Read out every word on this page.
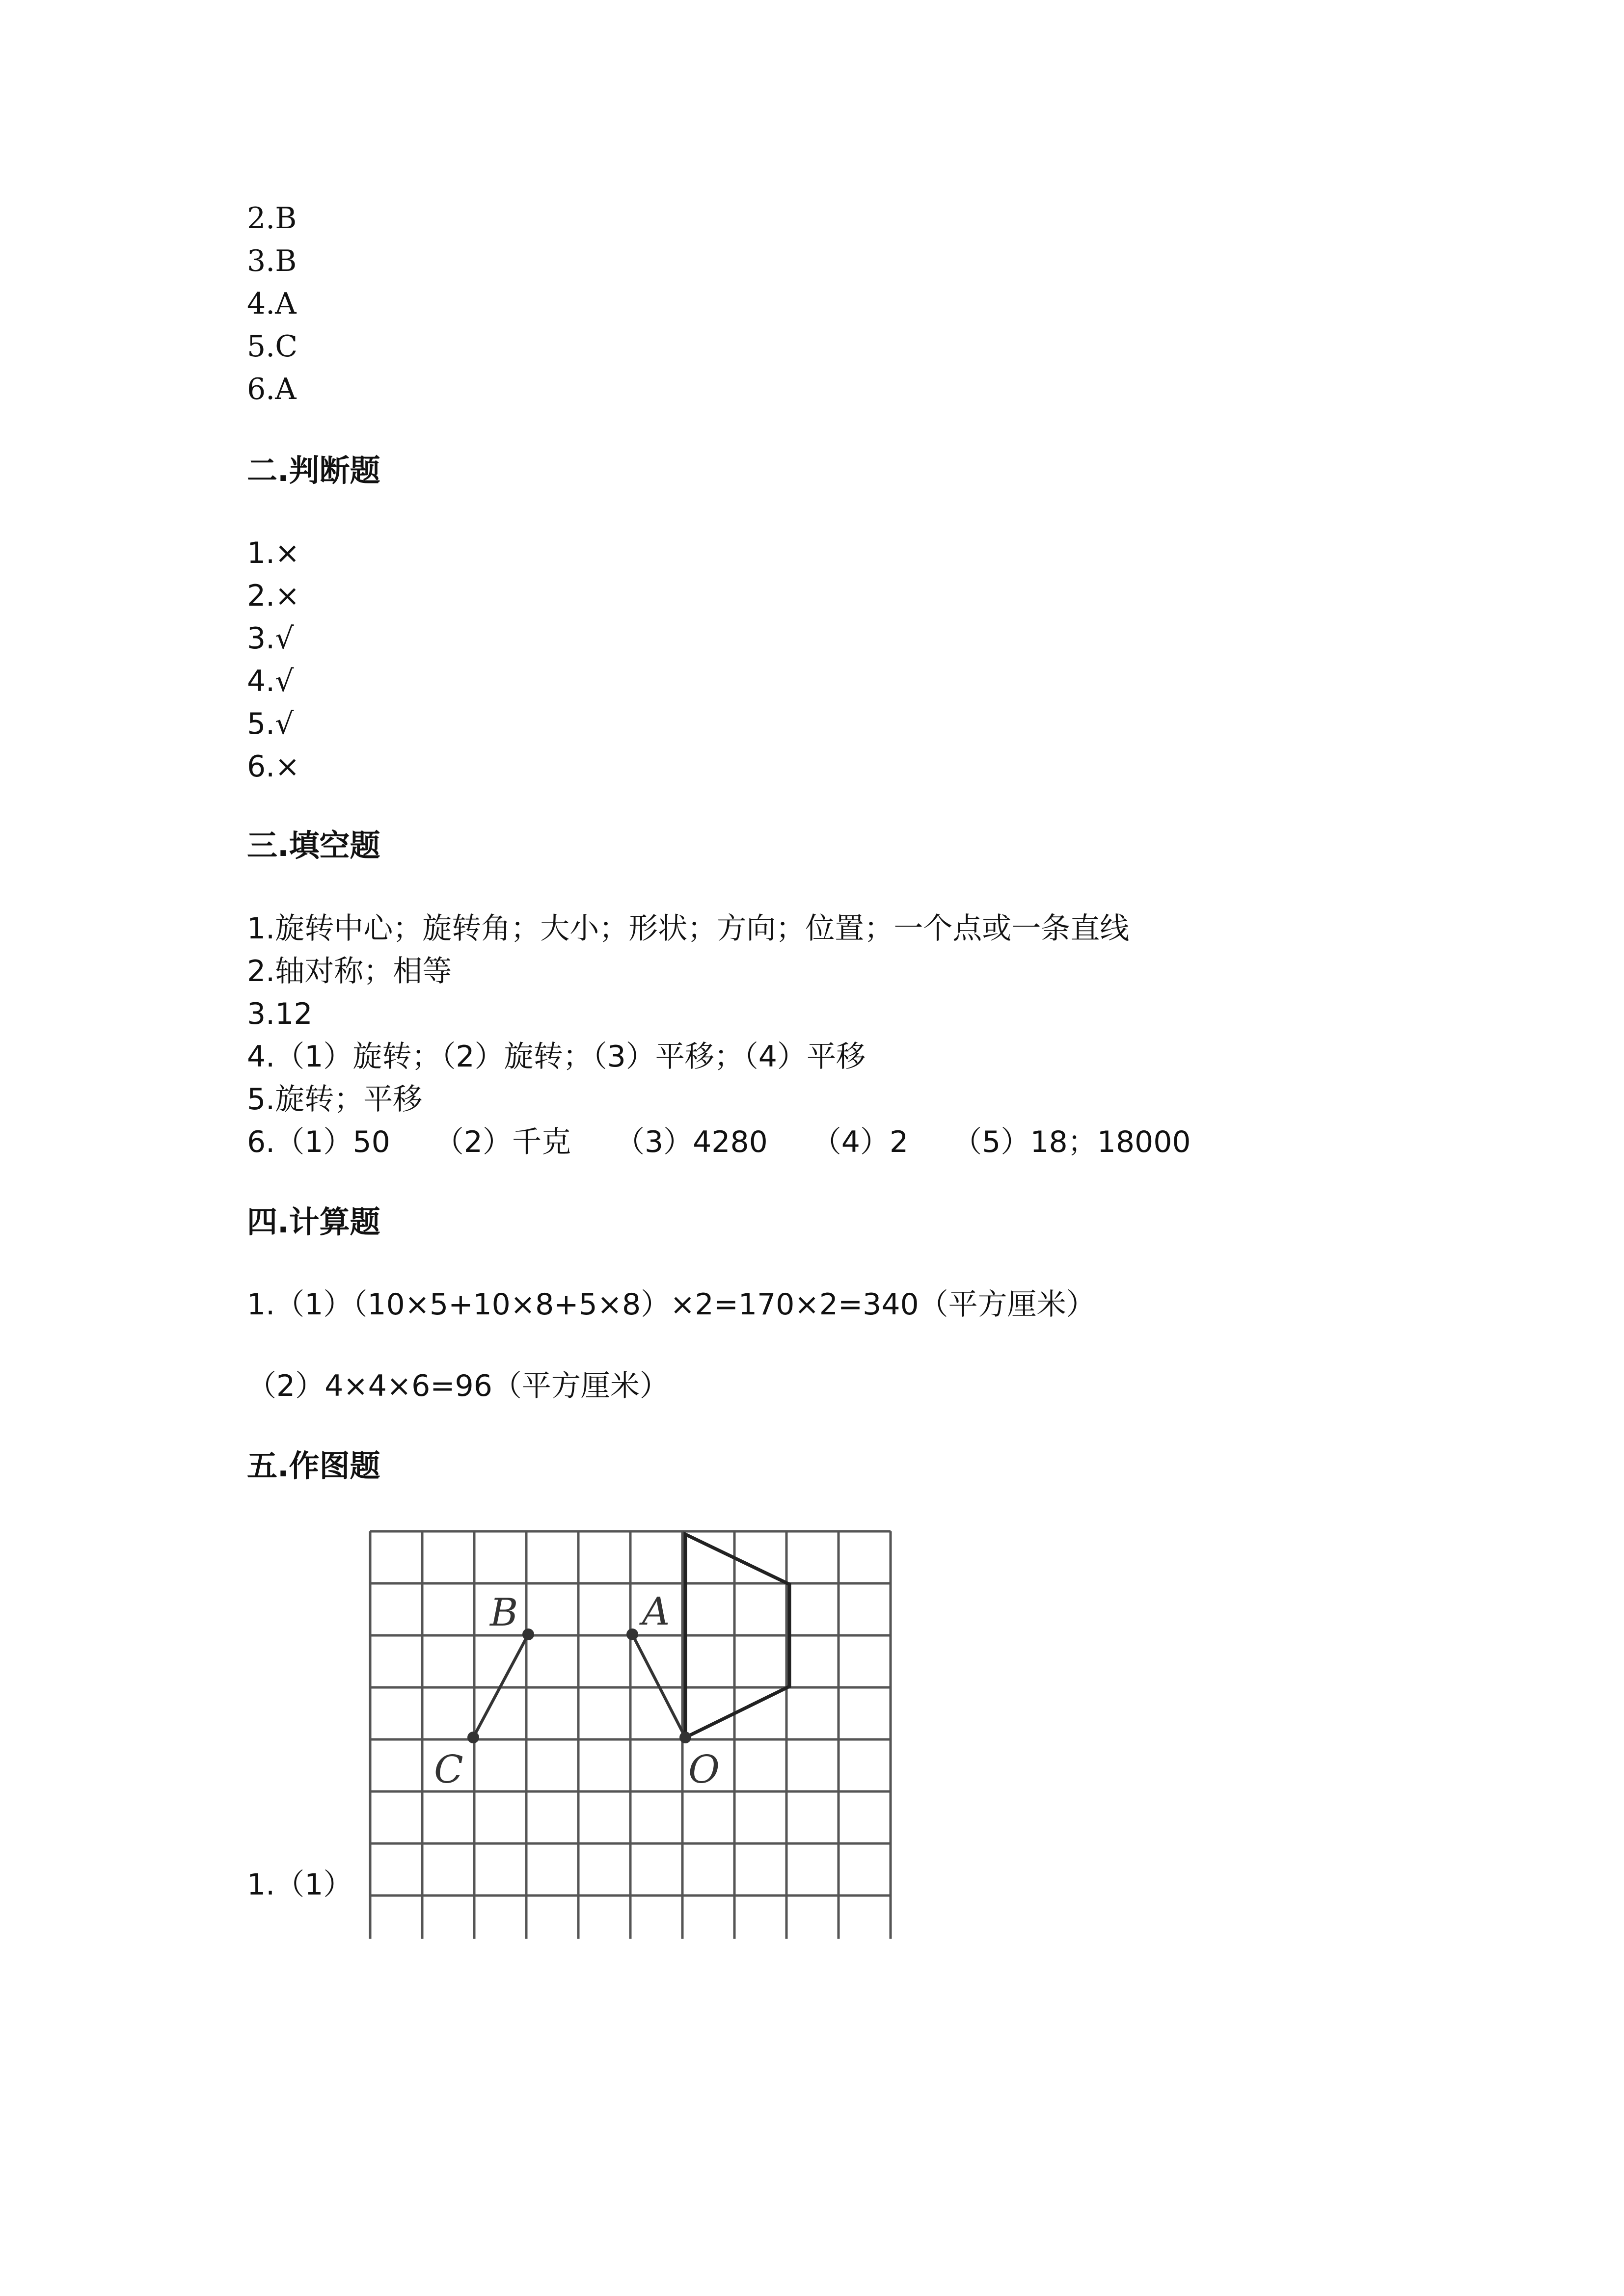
2.B
3.B
4.A
5.C
6.A
二.判断题
1.×
2.×
3.√
4.√
5.√
6.×
三.填空题
1.旋转中心；旋转角；大小；形状；方向；位置；一个点或一条直线
2.轴对称；相等
3.12
4.（1）旋转；（2）旋转；（3）平移；（4）平移
5.旋转；平移
6.（1）50　　（2）千克　　（3）4280　　（4）2　　（5）18；18000
四.计算题
1.（1）（10×5+10×8+5×8）×2=170×2=340（平方厘米）
（2）4×4×6=96（平方厘米）
五.作图题
1.（1）
B	A
C	O
